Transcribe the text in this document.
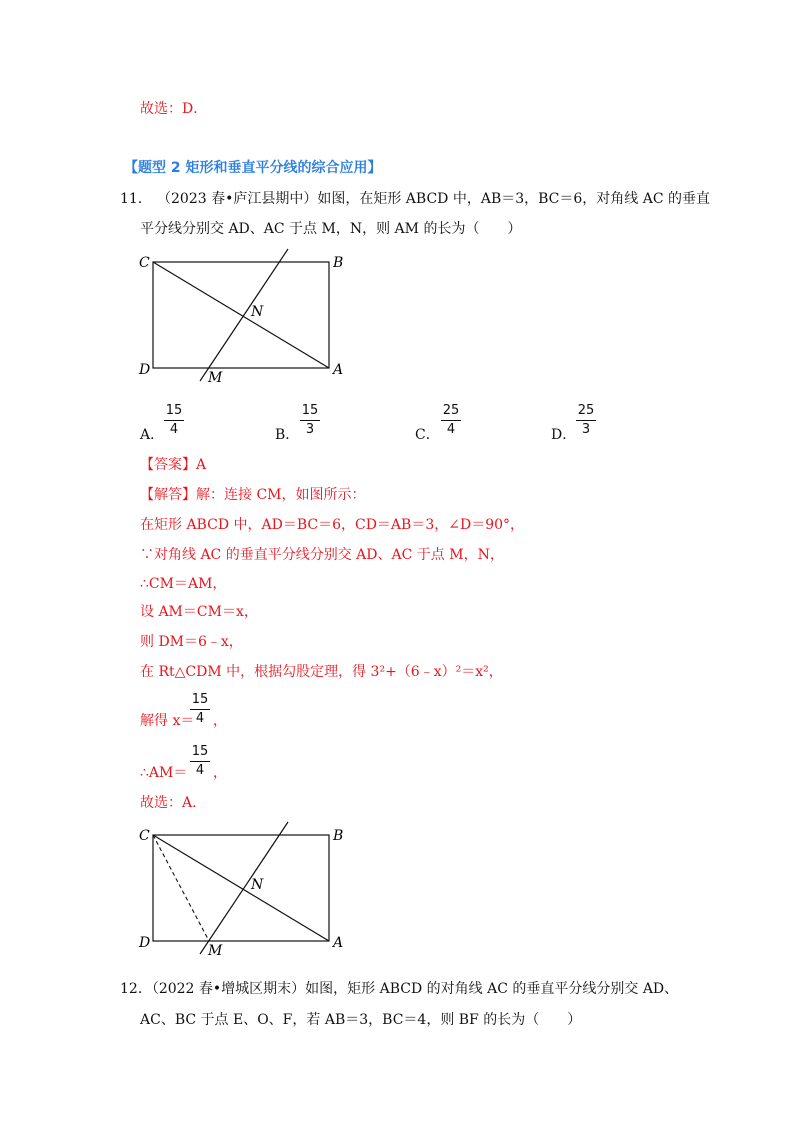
故选：D．
【题型 2 矩形和垂直平分线的综合应用】
11． （2023 春•庐江县期中）如图，在矩形 ABCD 中，AB＝3，BC＝6，对角线 AC 的垂直
平分线分别交 AD、AC 于点 M，N，则 AM 的长为（　　）
C	B
D	A
N
M
A．
15
4	B．
15
3	C．
25
4	D．
25
3
【答案】A
【解答】解：连接 CM，如图所示：
在矩形 ABCD 中，AD＝BC＝6，CD＝AB＝3，∠D＝90°，
∵对角线 AC 的垂直平分线分别交 AD、AC 于点 M，N，
∴CM＝AM，
设 AM＝CM＝x，
则 DM＝6﹣x，
在 Rt△CDM 中，根据勾股定理，得 3²+（6﹣x）²＝x²，
解得 x＝
15
4 ，
∴AM＝
15
4 ，
故选：A．
C	B
D	A
N
M
12．（2022 春•增城区期末）如图，矩形 ABCD 的对角线 AC 的垂直平分线分别交 AD、
AC、BC 于点 E、O、F，若 AB＝3，BC＝4，则 BF 的长为（　　）
